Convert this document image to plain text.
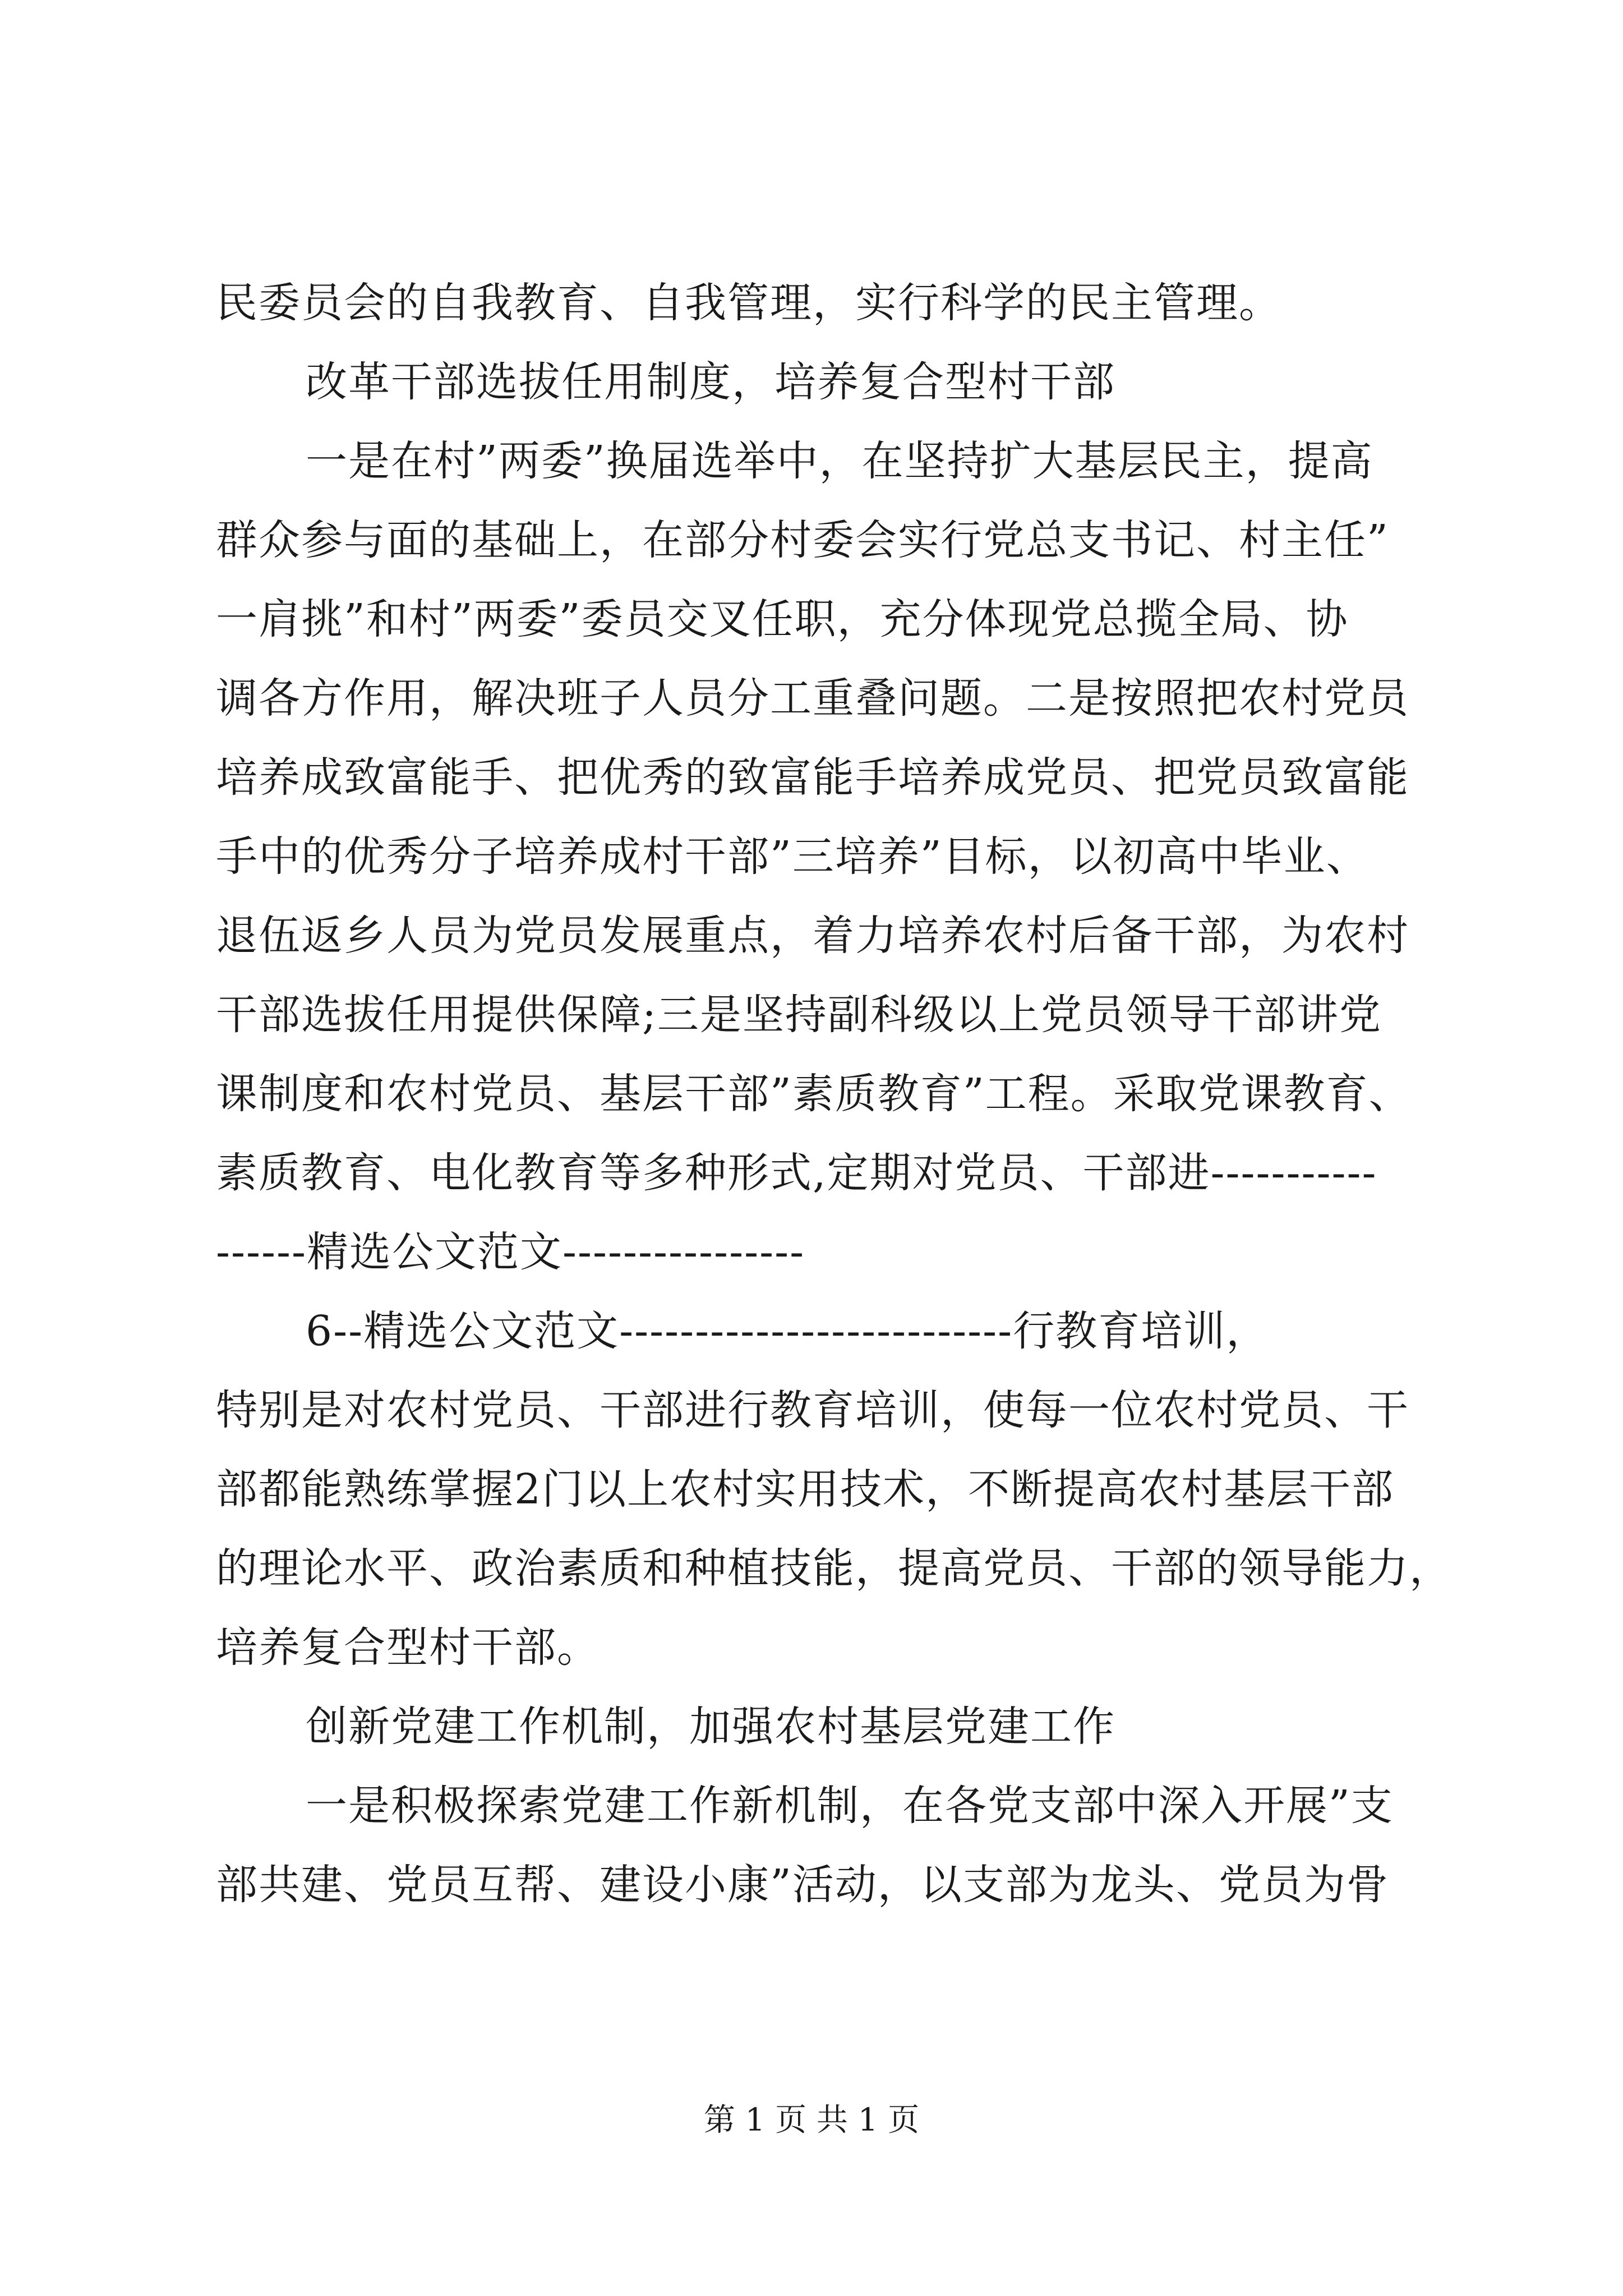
民委员会的自我教育、自我管理，实行科学的民主管理。
改革干部选拔任用制度，培养复合型村干部
一是在村”两委”换届选举中，在坚持扩大基层民主，提高
群众参与面的基础上，在部分村委会实行党总支书记、村主任”
一肩挑”和村”两委”委员交叉任职，充分体现党总揽全局、协
调各方作用，解决班子人员分工重叠问题。二是按照把农村党员
培养成致富能手、把优秀的致富能手培养成党员、把党员致富能
手中的优秀分子培养成村干部”三培养”目标，以初高中毕业、
退伍返乡人员为党员发展重点，着力培养农村后备干部，为农村
干部选拔任用提供保障;三是坚持副科级以上党员领导干部讲党
课制度和农村党员、基层干部”素质教育”工程。采取党课教育、
素质教育、电化教育等多种形式,定期对党员、干部进-----------
------精选公文范文----------------
6--精选公文范文--------------------------行教育培训，
特别是对农村党员、干部进行教育培训，使每一位农村党员、干
部都能熟练掌握2门以上农村实用技术，不断提高农村基层干部
的理论水平、政治素质和种植技能，提高党员、干部的领导能力，
培养复合型村干部。
创新党建工作机制，加强农村基层党建工作
一是积极探索党建工作新机制，在各党支部中深入开展”支
部共建、党员互帮、建设小康”活动，以支部为龙头、党员为骨
第 1 页 共 1 页
